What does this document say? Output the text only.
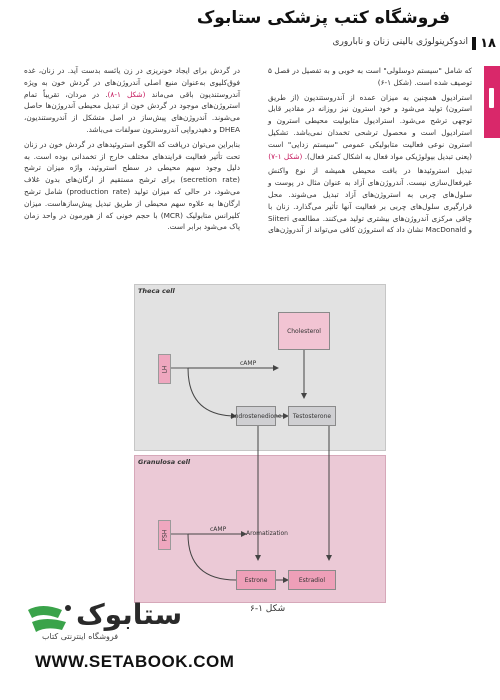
فروشگاه کتب پزشکی ستابوک
۱۸
اندوکرینولوژی بالینی زنان و ناباروری

که شامل "سیستم دوسلولی" است به خوبی و به تفصیل در فصل ۵ توصیف شده است. (شکل ۱-۶)

استرادیول همچنین به میزان عمده از آندروستندیون (از طریق استرون) تولید می‌شود و خود استرون نیز روزانه در مقادیر قابل توجهی ترشح می‌شود. استرادیول متابولیت محیطی استرون و استرادیول است و محصول ترشحی تخمدان نمی‌باشد. تشکیل استرون نوعی فعالیت متابولیکی عمومی "سیستم زدایی" است (یعنی تبدیل بیولوژیکی مواد فعال به اشکال کمتر فعال). (شکل ۱-۷)

تبدیل استروئیدها در بافت محیطی همیشه از نوع واکنش غیرفعال‌سازی نیست. آندروژن‌های آزاد به عنوان مثال در پوست و سلول‌های چربی به استروژن‌های آزاد تبدیل می‌شوند. محل قرارگیری سلول‌های چربی بر فعالیت آنها تأثیر می‌گذارد. زنان با چاقی مرکزی آندروژن‌های بیشتری تولید می‌کنند. مطالعه‌ی Siiteri و MacDonald نشان داد که استروژن کافی می‌تواند از آندروژن‌های

در گردش برای ایجاد خونریزی در زن یائسه بدست آید. در زنان، غده فوق‌کلیوی به‌عنوان منبع اصلی آندروژن‌های در گردش خون به ویژه آندروستندیون باقی می‌ماند (شکل ۱-۸). در مردان، تقریباً تمام استروژن‌های موجود در گردش خون از تبدیل محیطی آندروژن‌ها حاصل می‌شوند. آندروژن‌های پیش‌ساز در اصل متشکل از آندروستندیون، DHEA و دهیدرواپی آندروسترون سولفات می‌باشد.

بنابراین می‌توان دریافت که الگوی استروئیدهای در گردش خون در زنان تحت تأثیر فعالیت فرایندهای مختلف خارج از تخمدانی بوده است. به دلیل وجود سهم محیطی در سطح استروئید، واژه میزان ترشح (secretion rate) برای ترشح مستقیم از ارگان‌های بدون غلاف می‌شود، در حالی که میزان تولید (production rate) شامل ترشح ارگان‌ها به علاوه سهم محیطی از طریق تبدیل پیش‌سازهاست. میزان کلیرانس متابولیک (MCR) با حجم خونی که از هورمون در واحد زمان پاک می‌شود برابر است.

Theca cell
Granulosa cell
Cholesterol
Androstenedione	Testosterone
LH
cAMP
FSH	cAMP
Aromatization
Estrone	Estradiol
شکل ۱-۶
ستابوک
فروشگاه اینترنتی کتاب
WWW.SETABOOK.COM
